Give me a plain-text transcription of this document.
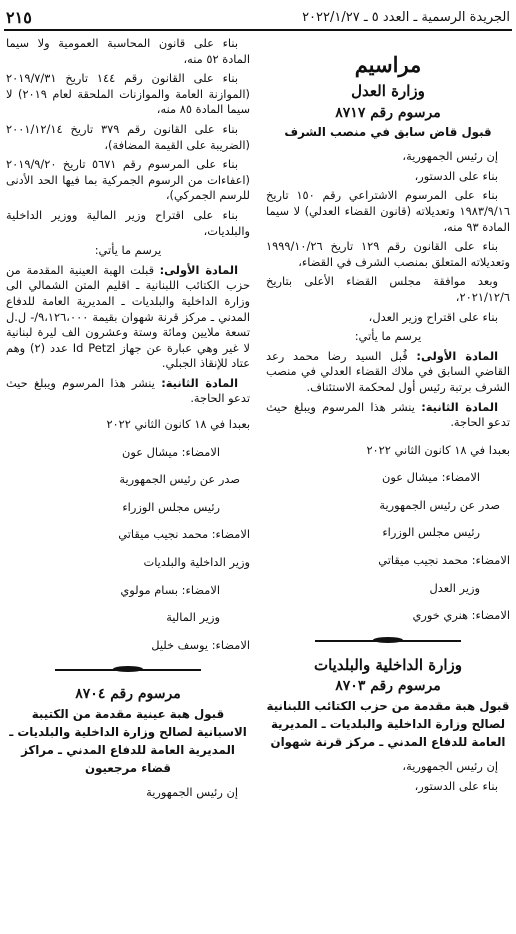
الجريدة الرسمية ـ العدد ٥ ـ ٢٠٢٢/١/٢٧
٢١٥
مراسيم
وزارة العدل
مرسوم رقم ٨٧١٧
قبول قاض سابق في منصب الشرف

إن رئيس الجمهورية،

بناء على الدستور،

بناء على المرسوم الاشتراعي رقم ١٥٠ تاريخ ١٩٨٣/٩/١٦ وتعديلاته (قانون القضاء العدلي) لا سيما المادة ٩٣ منه،

بناء على القانون رقم ١٢٩ تاريخ ١٩٩٩/١٠/٢٦ وتعديلاته المتعلق بمنصب الشرف في القضاء،

وبعد موافقة مجلس القضاء الأعلى بتاريخ ٢٠٢١/١٢/٦،

بناء على اقتراح وزير العدل،

يرسم ما يأتي:

المادة الأولى: قُبل السيد رضا محمد رعد القاضي السابق في ملاك القضاء العدلي في منصب الشرف برتبة رئيس أول لمحكمة الاستئناف.

المادة الثانية: ينشر هذا المرسوم ويبلغ حيث تدعو الحاجة.

بعبدا في ١٨ كانون الثاني ٢٠٢٢

الامضاء: ميشال عون

صدر عن رئيس الجمهورية

رئيس مجلس الوزراء

الامضاء: محمد نجيب ميقاتي

وزير العدل

الامضاء: هنري خوري

وزارة الداخلية والبلديات
مرسوم رقم ٨٧٠٣
قبول هبة مقدمة من حزب الكتائب اللبنانية لصالح وزارة الداخلية والبلديات ـ المديرية العامة للدفاع المدني ـ مركز قرنة شهوان

إن رئيس الجمهورية،

بناء على الدستور،

بناء على قانون المحاسبة العمومية ولا سيما المادة ٥٢ منه،

بناء على القانون رقم ١٤٤ تاريخ ٢٠١٩/٧/٣١ (الموازنة العامة والموازنات الملحقة لعام ٢٠١٩) لا سيما المادة ٨٥ منه،

بناء على القانون رقم ٣٧٩ تاريخ ٢٠٠١/١٢/١٤ (الضريبة على القيمة المضافة)،

بناء على المرسوم رقم ٥٦٧١ تاريخ ٢٠١٩/٩/٢٠ (اعفاءات من الرسوم الجمركية بما فيها الحد الأدنى للرسم الجمركي)،

بناء على اقتراح وزير المالية ووزير الداخلية والبلديات،

يرسم ما يأتي:

المادة الأولى: قبلت الهبة العينية المقدمة من حزب الكتائب اللبنانية ـ اقليم المتن الشمالي الى وزارة الداخلية والبلديات ـ المديرية العامة للدفاع المدني ـ مركز قرنة شهوان بقيمة ٩،١٢٦،٠٠٠/- ل.ل تسعة ملايين ومائة وستة وعشرون الف ليرة لبنانية لا غير وهي عبارة عن جهاز Id Petzl عدد (٢) وهم عتاد للإنقاذ الجبلي.

المادة الثانية: ينشر هذا المرسوم ويبلغ حيث تدعو الحاجة.

بعبدا في ١٨ كانون الثاني ٢٠٢٢

الامضاء: ميشال عون

صدر عن رئيس الجمهورية

رئيس مجلس الوزراء

الامضاء: محمد نجيب ميقاتي

وزير الداخلية والبلديات

الامضاء: بسام مولوي

وزير المالية

الامضاء: يوسف خليل

مرسوم رقم ٨٧٠٤
قبول هبة عينية مقدمة من الكتيبة الاسبانية لصالح وزارة الداخلية والبلديات ـ المديرية العامة للدفاع المدني ـ مراكز قضاء مرجعيون

إن رئيس الجمهورية
